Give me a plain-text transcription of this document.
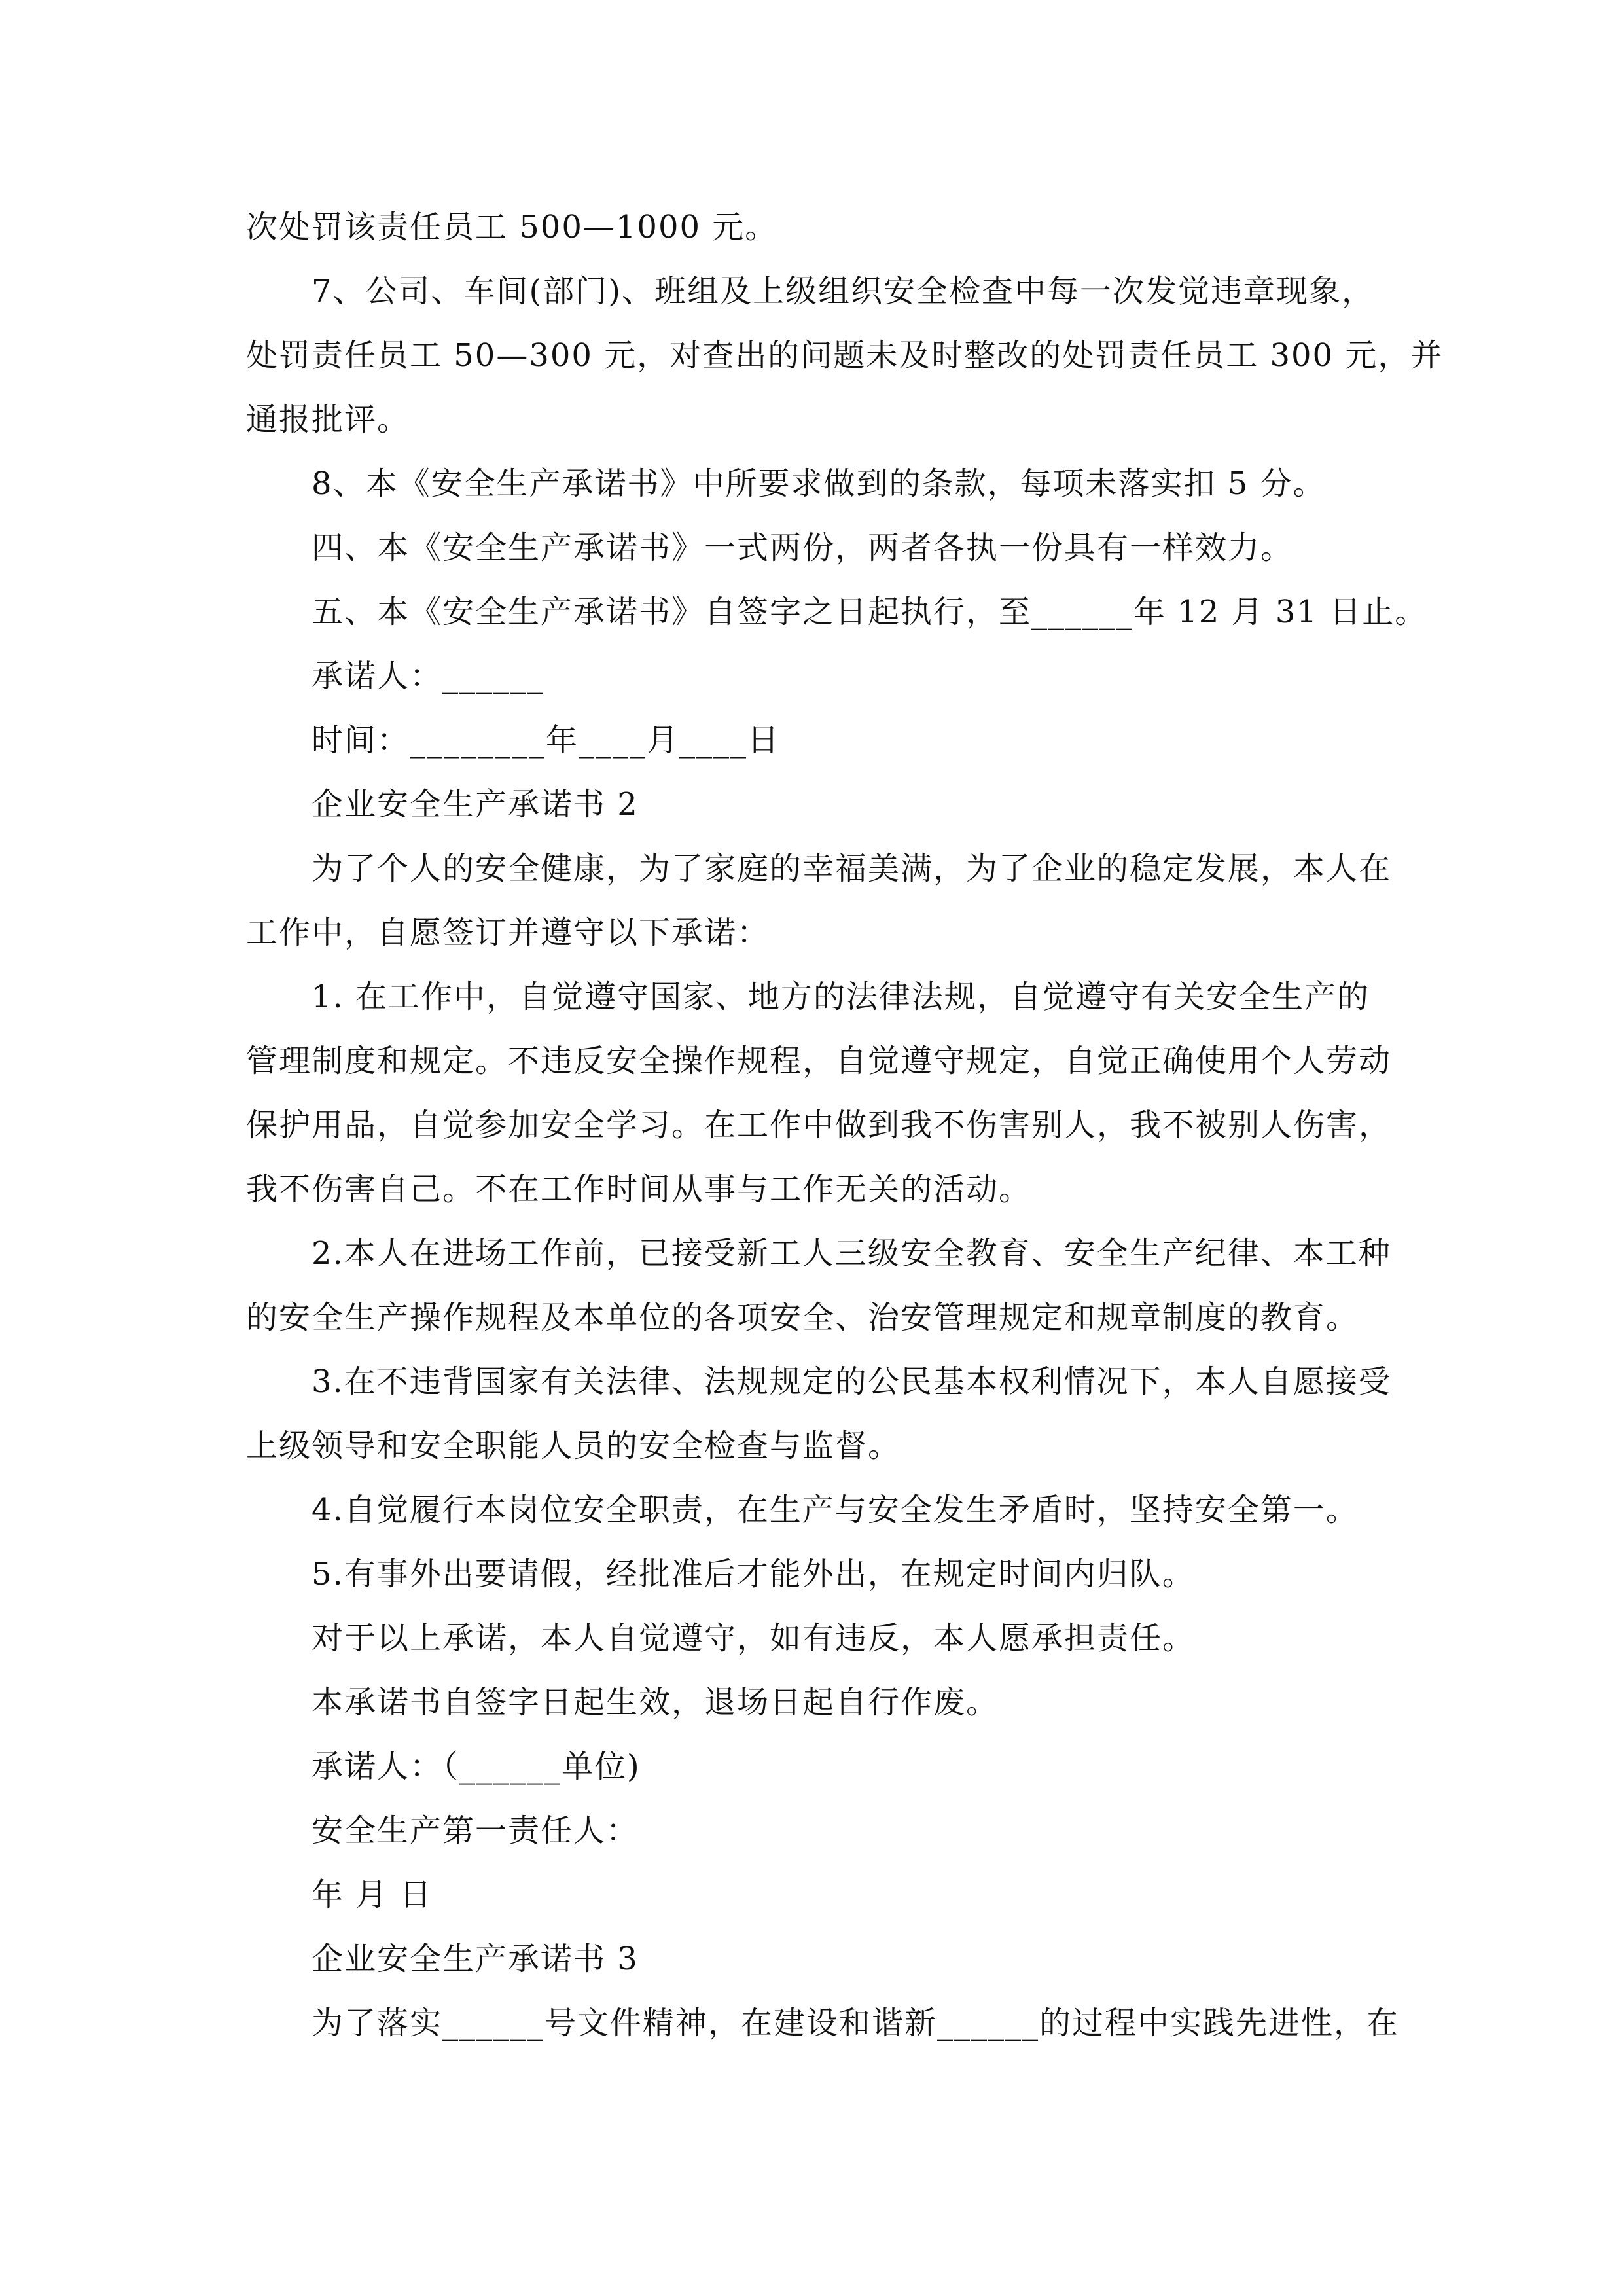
次处罚该责任员工 500—1000 元。
7、公司、车间(部门)、班组及上级组织安全检查中每一次发觉违章现象，
处罚责任员工 50—300 元，对查出的问题未及时整改的处罚责任员工 300 元，并
通报批评。
8、本《安全生产承诺书》中所要求做到的条款，每项未落实扣 5 分。
四、本《安全生产承诺书》一式两份，两者各执一份具有一样效力。
五、本《安全生产承诺书》自签字之日起执行，至______年 12 月 31 日止。
承诺人：______
时间：________年____月____日
企业安全生产承诺书 2
为了个人的安全健康，为了家庭的幸福美满，为了企业的稳定发展，本人在
工作中，自愿签订并遵守以下承诺：
1. 在工作中，自觉遵守国家、地方的法律法规，自觉遵守有关安全生产的
管理制度和规定。不违反安全操作规程，自觉遵守规定，自觉正确使用个人劳动
保护用品，自觉参加安全学习。在工作中做到我不伤害别人，我不被别人伤害，
我不伤害自己。不在工作时间从事与工作无关的活动。
2.本人在进场工作前，已接受新工人三级安全教育、安全生产纪律、本工种
的安全生产操作规程及本单位的各项安全、治安管理规定和规章制度的教育。
3.在不违背国家有关法律、法规规定的公民基本权利情况下，本人自愿接受
上级领导和安全职能人员的安全检查与监督。
4.自觉履行本岗位安全职责，在生产与安全发生矛盾时，坚持安全第一。
5.有事外出要请假，经批准后才能外出，在规定时间内归队。
对于以上承诺，本人自觉遵守，如有违反，本人愿承担责任。
本承诺书自签字日起生效，退场日起自行作废。
承诺人：（______单位)
安全生产第一责任人：
年 月 日
企业安全生产承诺书 3
为了落实______号文件精神，在建设和谐新______的过程中实践先进性，在
